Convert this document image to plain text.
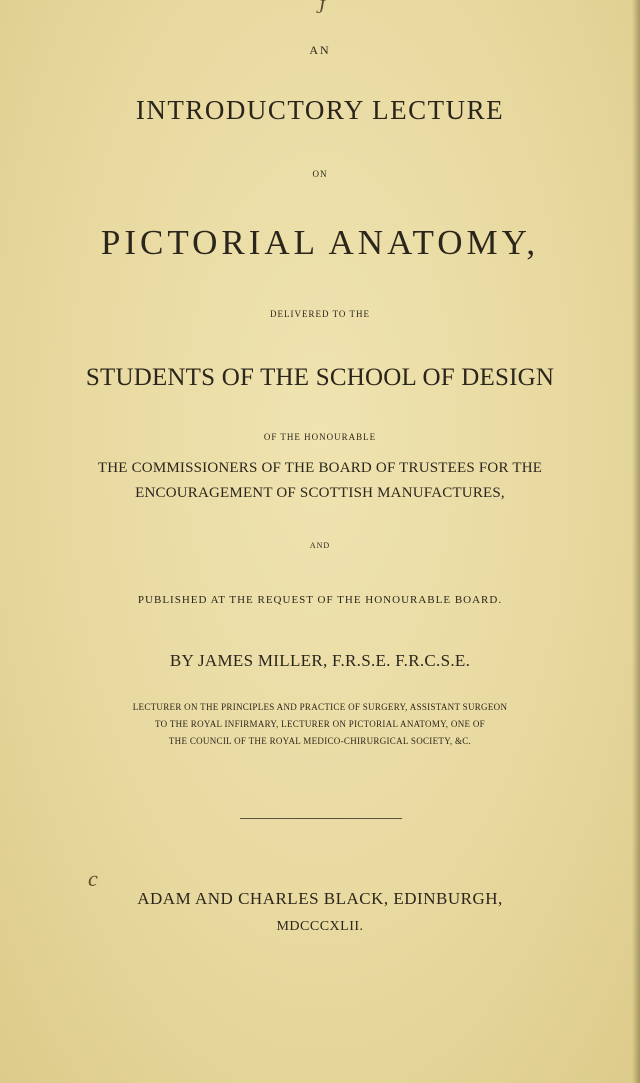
J
AN
INTRODUCTORY LECTURE
ON
PICTORIAL ANATOMY,
DELIVERED TO THE
STUDENTS OF THE SCHOOL OF DESIGN
OF THE HONOURABLE
THE COMMISSIONERS OF THE BOARD OF TRUSTEES FOR THE
ENCOURAGEMENT OF SCOTTISH MANUFACTURES,
AND
PUBLISHED AT THE REQUEST OF THE HONOURABLE BOARD.
BY JAMES MILLER, F.R.S.E. F.R.C.S.E.
LECTURER ON THE PRINCIPLES AND PRACTICE OF SURGERY, ASSISTANT SURGEON
TO THE ROYAL INFIRMARY, LECTURER ON PICTORIAL ANATOMY, ONE OF
THE COUNCIL OF THE ROYAL MEDICO-CHIRURGICAL SOCIETY, &C.
c
ADAM AND CHARLES BLACK, EDINBURGH,
MDCCCXLII.
